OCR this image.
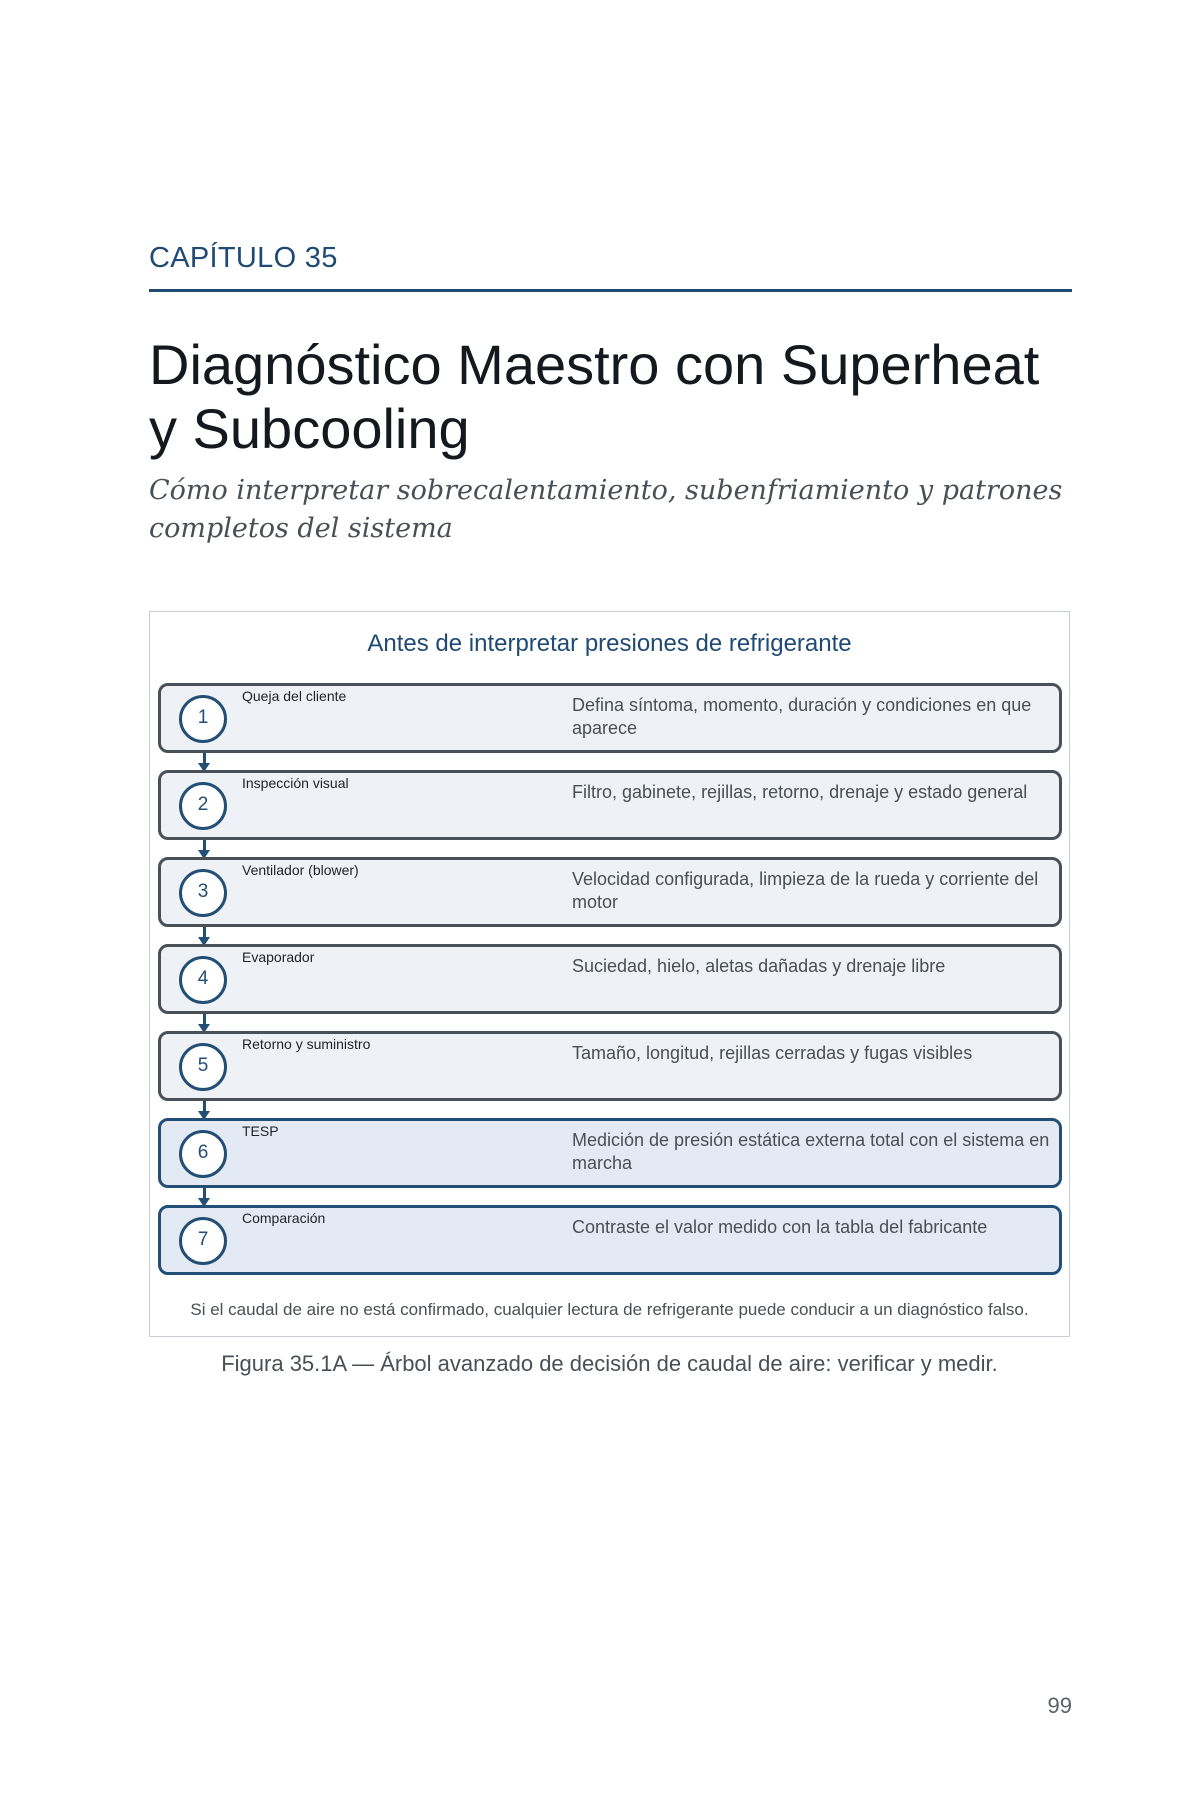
CAPÍTULO 35
Diagnóstico Maestro con Superheat y Subcooling
Cómo interpretar sobrecalentamiento, subenfriamiento y patrones completos del sistema
Antes de interpretar presiones de refrigerante
1
Queja del cliente	Defina síntoma, momento, duración y condiciones en que aparece
2
Inspección visual	Filtro, gabinete, rejillas, retorno, drenaje y estado general
3
Ventilador (blower)	Velocidad configurada, limpieza de la rueda y corriente del motor
4
Evaporador	Suciedad, hielo, aletas dañadas y drenaje libre
5
Retorno y suministro	Tamaño, longitud, rejillas cerradas y fugas visibles
6
TESP	Medición de presión estática externa total con el sistema en marcha
7
Comparación	Contraste el valor medido con la tabla del fabricante
Si el caudal de aire no está confirmado, cualquier lectura de refrigerante puede conducir a un diagnóstico falso.
Figura 35.1A — Árbol avanzado de decisión de caudal de aire: verificar y medir.
99
